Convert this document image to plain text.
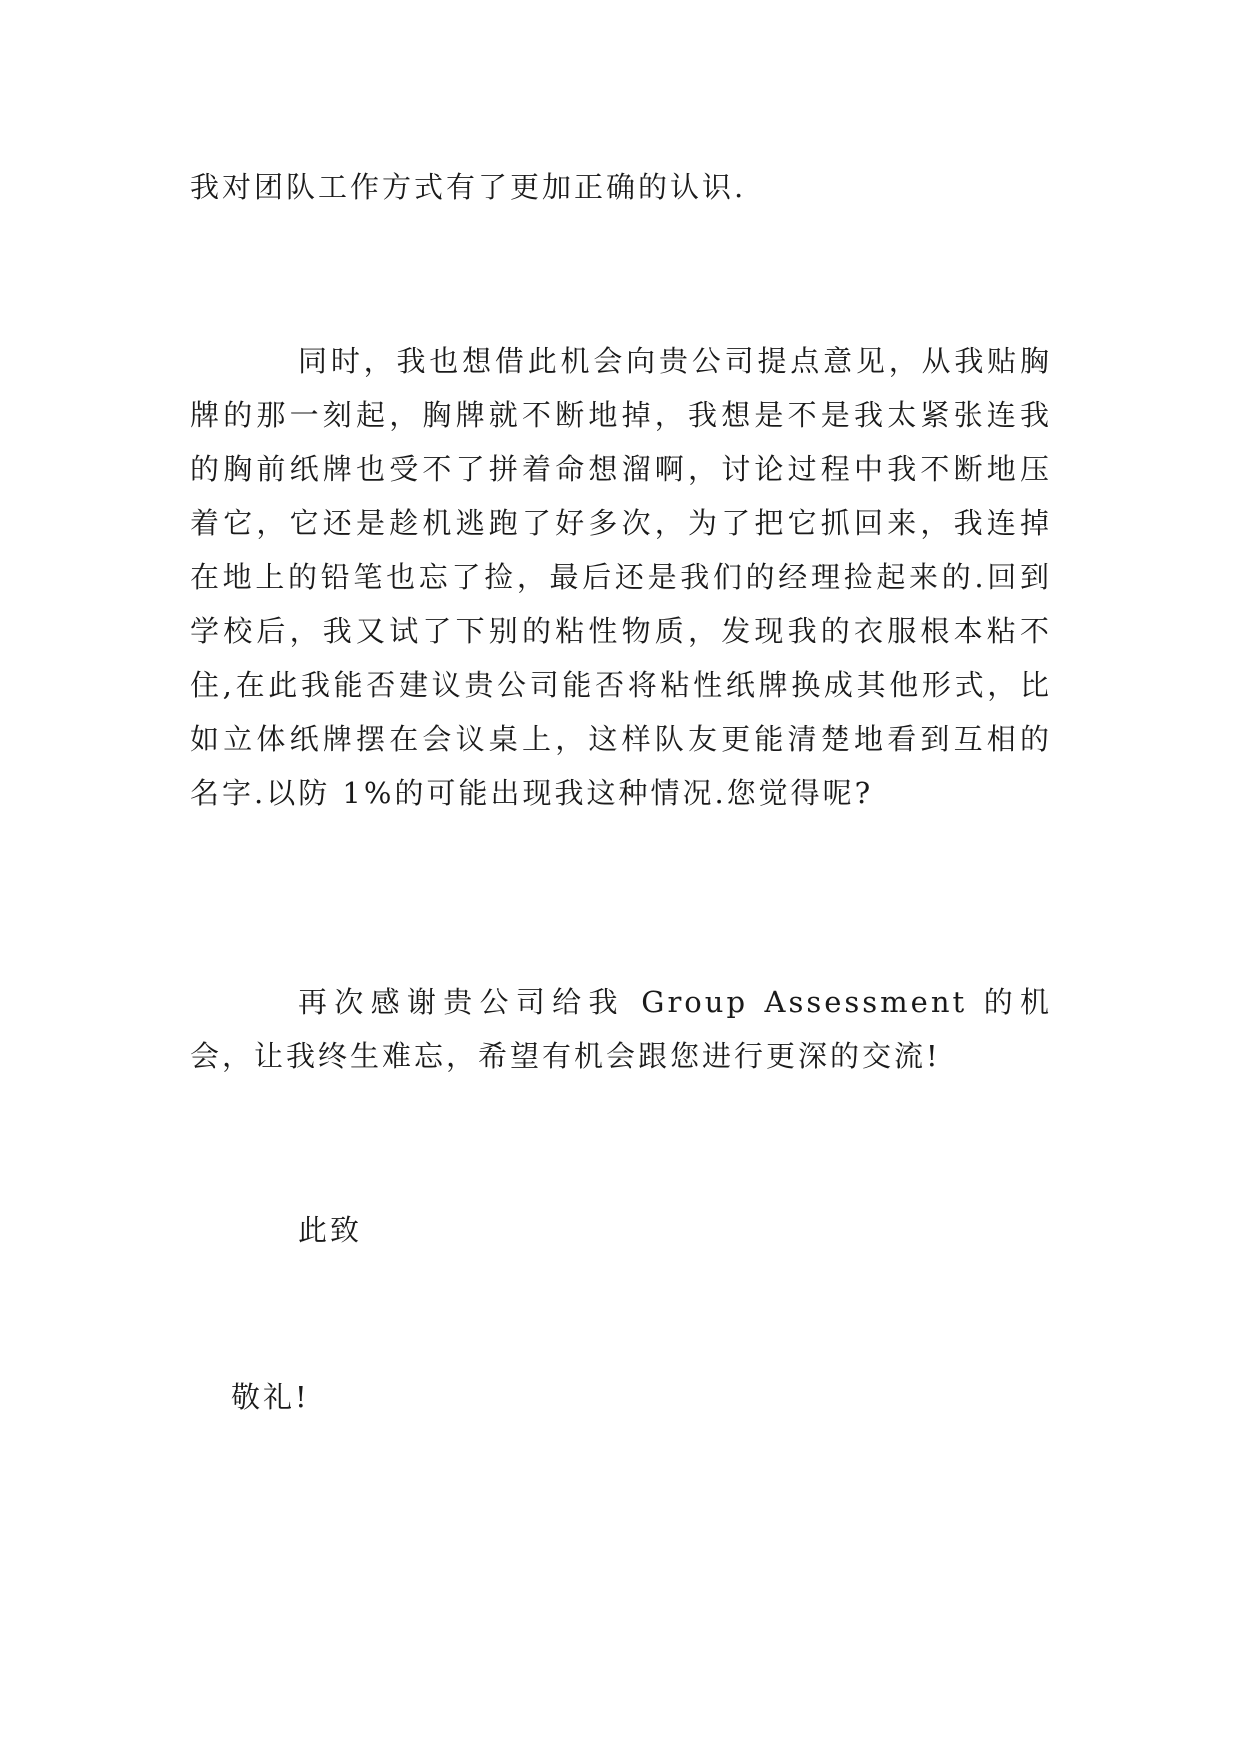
我对团队工作方式有了更加正确的认识.

同时，我也想借此机会向贵公司提点意见，从我贴胸牌的那一刻起，胸牌就不断地掉，我想是不是我太紧张连我的胸前纸牌也受不了拼着命想溜啊，讨论过程中我不断地压着它，它还是趁机逃跑了好多次，为了把它抓回来，我连掉在地上的铅笔也忘了捡，最后还是我们的经理捡起来的.回到学校后，我又试了下别的粘性物质，发现我的衣服根本粘不住,在此我能否建议贵公司能否将粘性纸牌换成其他形式，比如立体纸牌摆在会议桌上，这样队友更能清楚地看到互相的名字.以防 1%的可能出现我这种情况.您觉得呢?

再次感谢贵公司给我 Group Assessment 的机会，让我终生难忘，希望有机会跟您进行更深的交流!

此致

敬礼!
